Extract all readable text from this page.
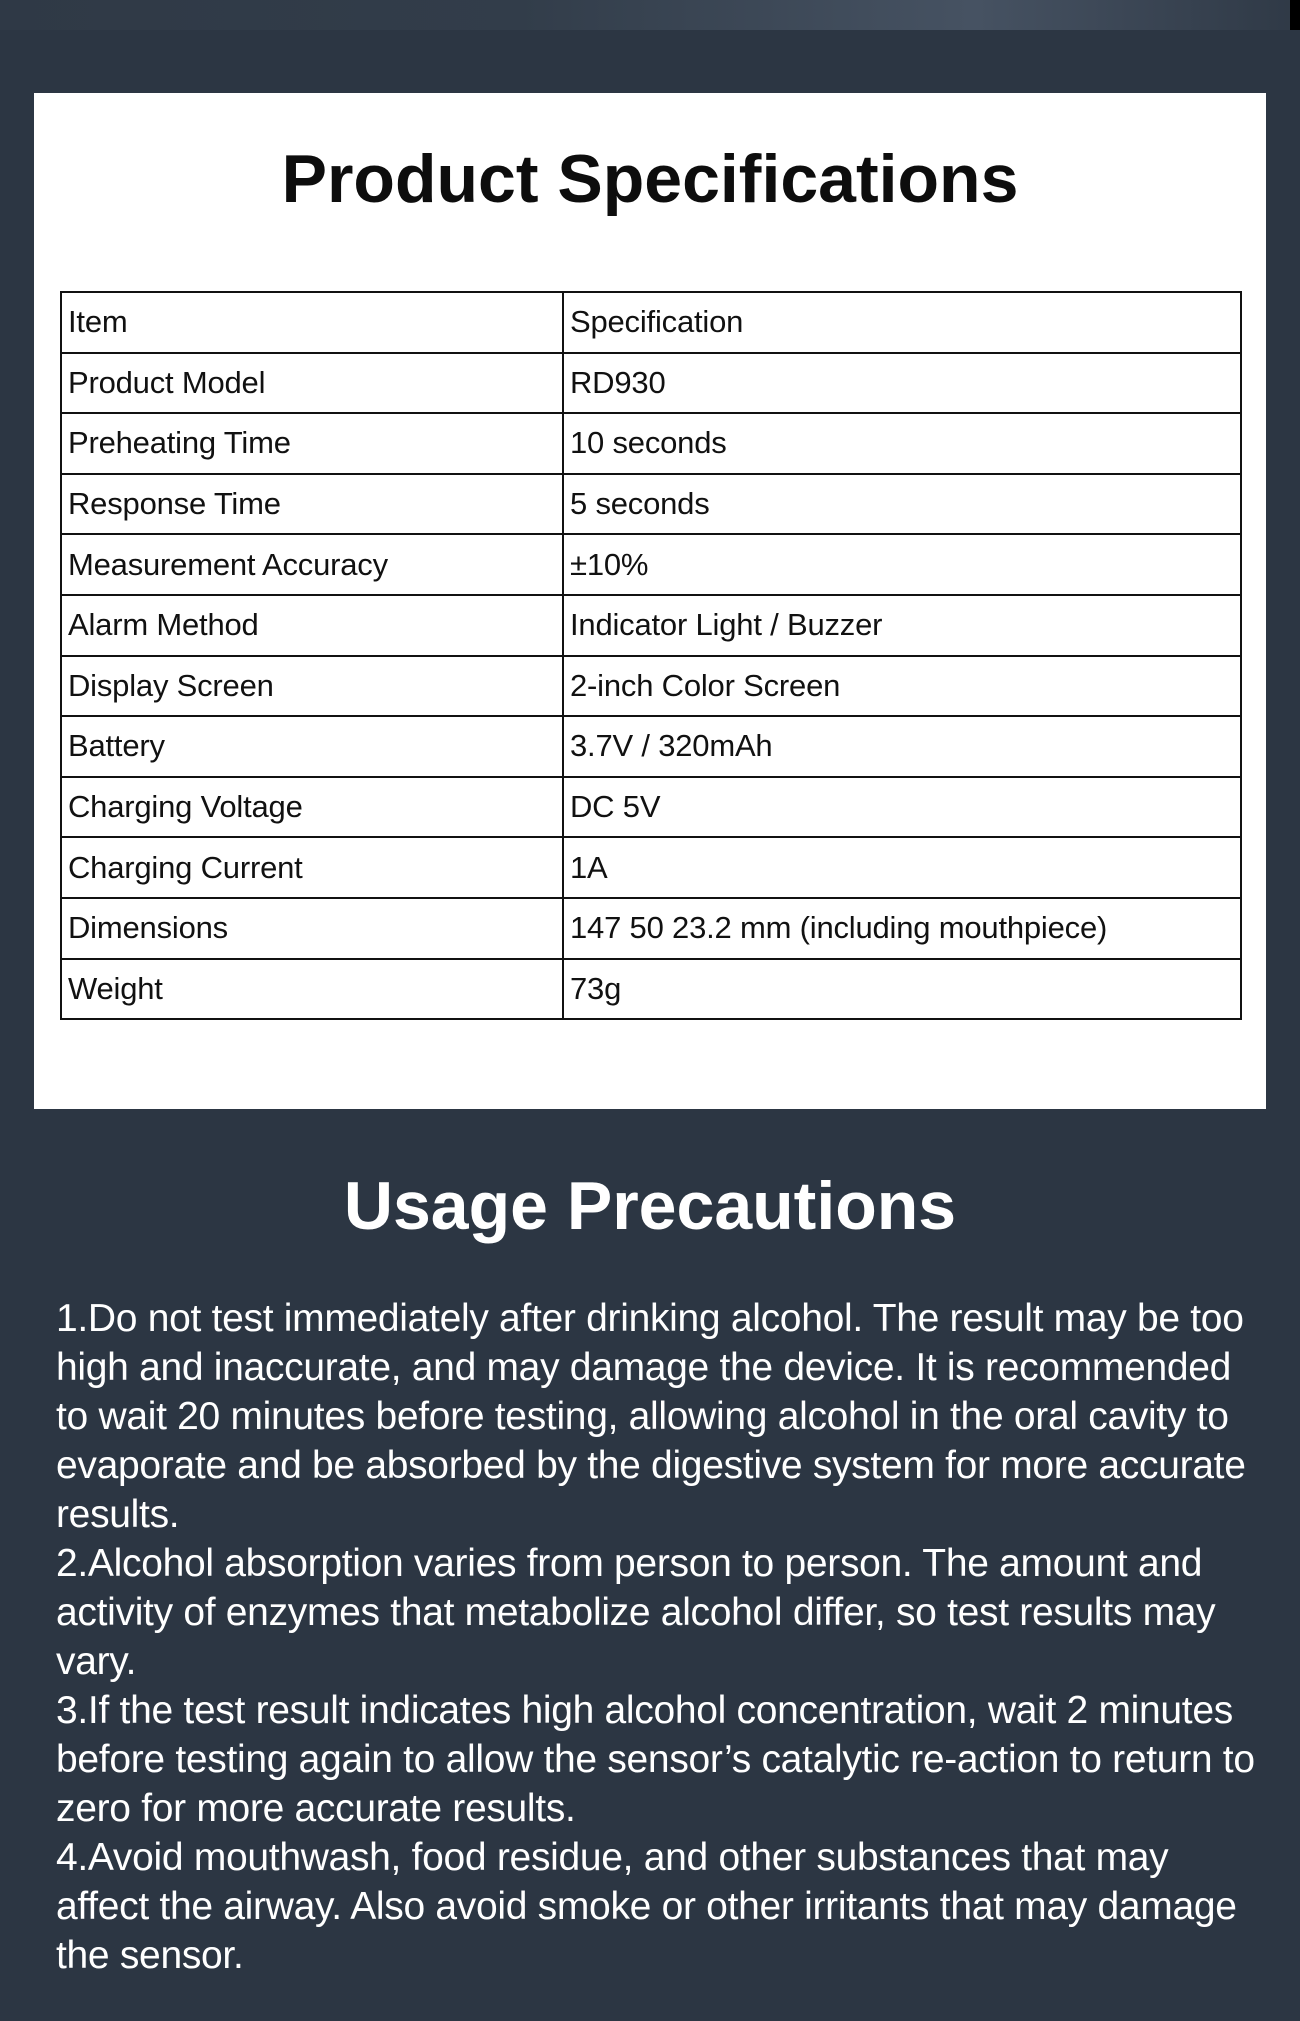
Product Specifications
Item	Specification
Product Model	RD930
Preheating Time	10 seconds
Response Time	5 seconds
Measurement Accuracy	±10%
Alarm Method	Indicator Light / Buzzer
Display Screen	2-inch Color Screen
Battery	3.7V / 320mAh
Charging Voltage	DC 5V
Charging Current	1A
Dimensions	147 50 23.2 mm (including mouthpiece)
Weight	73g
Usage Precautions

1.Do not test immediately after drinking alcohol. The result may be too high and inaccurate, and may damage the device. It is recommended to wait 20 minutes before testing, allowing alcohol in the oral cavity to evaporate and be absorbed by the digestive system for more accurate results.

2.Alcohol absorption varies from person to person. The amount and activity of enzymes that metabolize alcohol differ, so test results may vary.

3.If the test result indicates high alcohol concentration, wait 2 minutes before testing again to allow the sensor’s catalytic re-action to return to zero for more accurate results.

4.Avoid mouthwash, food residue, and other substances that may affect the airway. Also avoid smoke or other irritants that may damage the sensor.
